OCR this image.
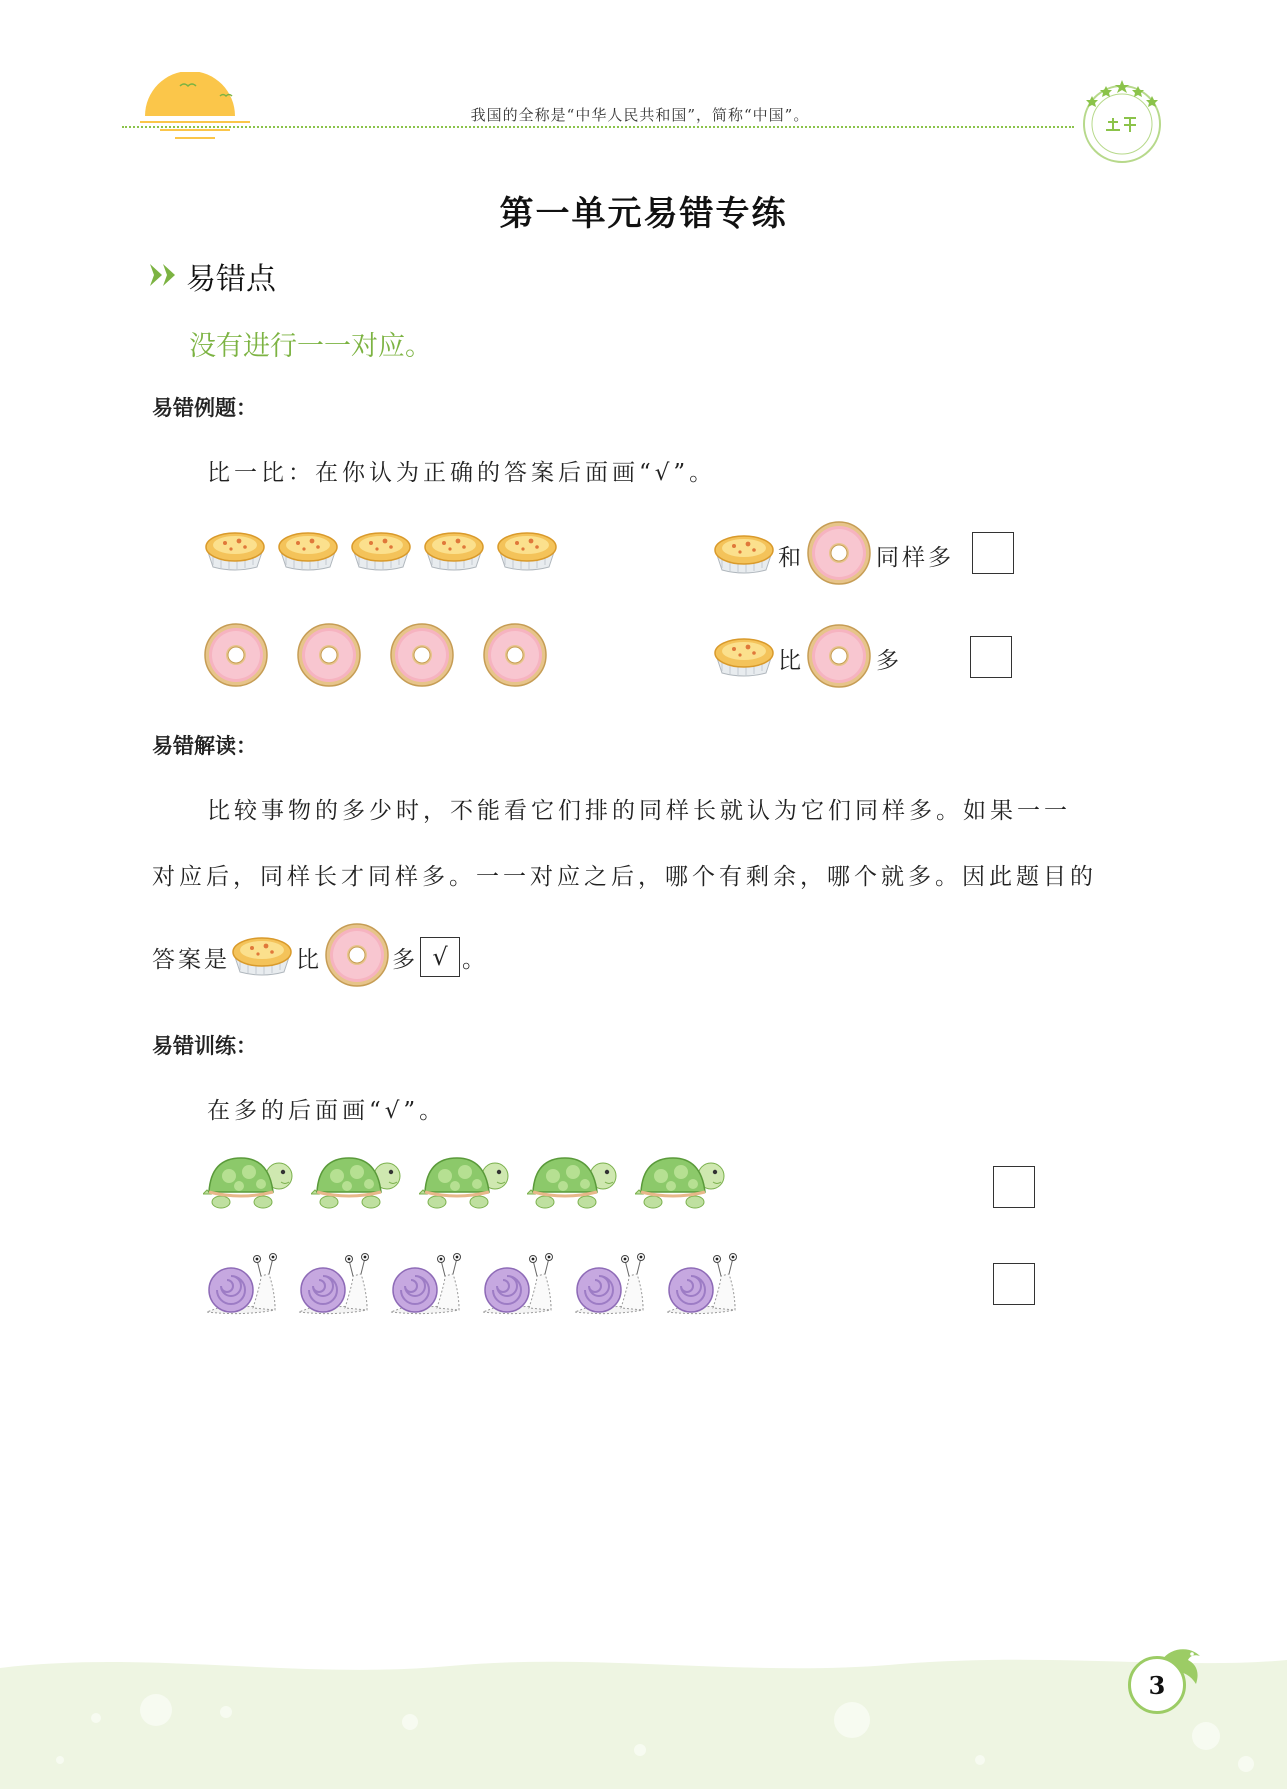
我国的全称是“中华人民共和国”，简称“中国”。
第一单元易错专练
易错点
没有进行一一对应。
易错例题：
比一比：在你认为正确的答案后面画“√”。
和	同样多
比	多
易错解读：
比较事物的多少时，不能看它们排的同样长就认为它们同样多。如果一一
对应后，同样长才同样多。一一对应之后，哪个有剩余，哪个就多。因此题目的
答案是	比	多 √ 。
易错训练：
在多的后面画“√”。
3
